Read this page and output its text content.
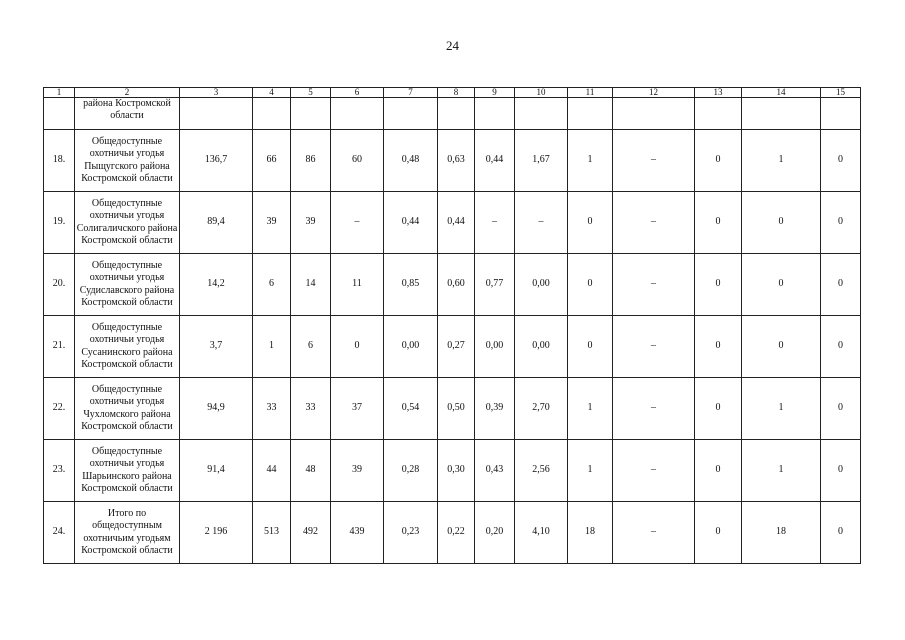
24
1	2	3	4	5	6	7	8	9	10	11	12	13	14	15
	района Костромской области													
18.	Общедоступные охотничьи угодья Пыщугского района Костромской области	136,7	66	86	60	0,48	0,63	0,44	1,67	1	–	0	1	0
19.	Общедоступные охотничьи угодья Солигаличского района Костромской области	89,4	39	39	–	0,44	0,44	–	–	0	–	0	0	0
20.	Общедоступные охотничьи угодья Судиславского района Костромской области	14,2	6	14	11	0,85	0,60	0,77	0,00	0	–	0	0	0
21.	Общедоступные охотничьи угодья Сусанинского района Костромской области	3,7	1	6	0	0,00	0,27	0,00	0,00	0	–	0	0	0
22.	Общедоступные охотничьи угодья Чухломского района Костромской области	94,9	33	33	37	0,54	0,50	0,39	2,70	1	–	0	1	0
23.	Общедоступные охотничьи угодья Шарьинского района Костромской области	91,4	44	48	39	0,28	0,30	0,43	2,56	1	–	0	1	0
24.	Итого по общедоступным охотничьим угодьям Костромской области	2 196	513	492	439	0,23	0,22	0,20	4,10	18	–	0	18	0
